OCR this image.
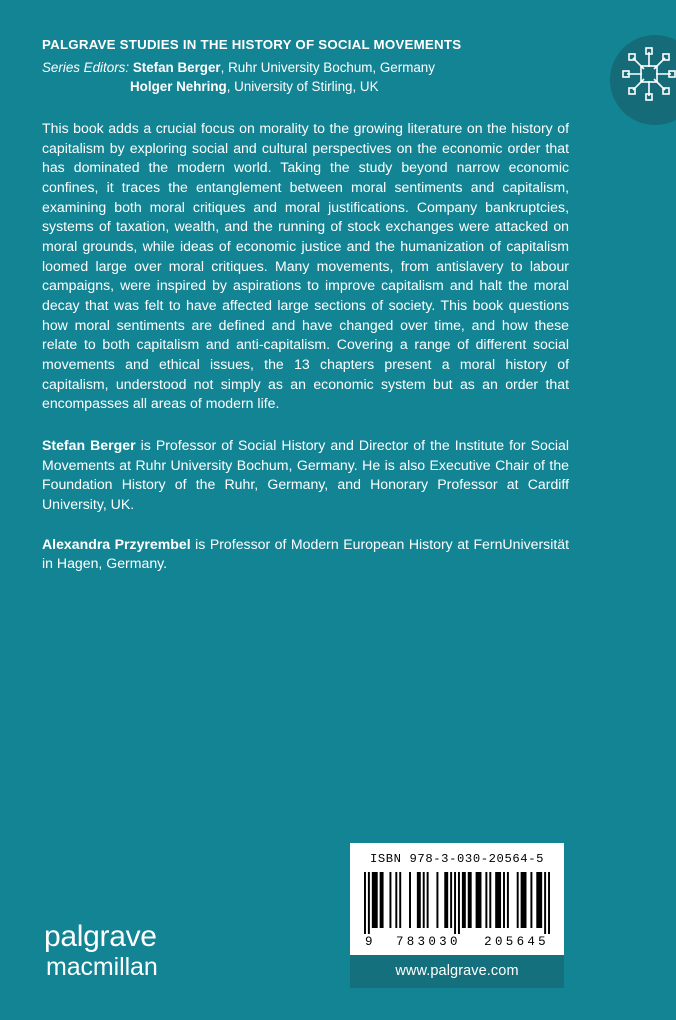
PALGRAVE STUDIES IN THE HISTORY OF SOCIAL MOVEMENTS
Series Editors: Stefan Berger, Ruhr University Bochum, Germany
Holger Nehring, University of Stirling, UK

This book adds a crucial focus on morality to the growing literature on the history of capitalism by exploring social and cultural perspectives on the economic order that has dominated the modern world. Taking the study beyond narrow economic confines, it traces the entanglement between moral sentiments and capitalism, examining both moral critiques and moral justifications. Company bankruptcies, systems of taxation, wealth, and the running of stock exchanges were attacked on moral grounds, while ideas of economic justice and the humanization of capitalism loomed large over moral critiques. Many movements, from antislavery to labour campaigns, were inspired by aspirations to improve capitalism and halt the moral decay that was felt to have affected large sections of society. This book questions how moral sentiments are defined and have changed over time, and how these relate to both capitalism and anti-capitalism. Covering a range of different social movements and ethical issues, the 13 chapters present a moral history of capitalism, understood not simply as an economic system but as an order that encompasses all areas of modern life.

Stefan Berger is Professor of Social History and Director of the Institute for Social Movements at Ruhr University Bochum, Germany. He is also Executive Chair of the Foundation History of the Ruhr, Germany, and Honorary Professor at Cardiff University, UK.

Alexandra Przyrembel is Professor of Modern European History at FernUniversität in Hagen, Germany.

palgrave
macmillan
ISBN 978-3-030-20564-5
9 783030 205645
www.palgrave.com
